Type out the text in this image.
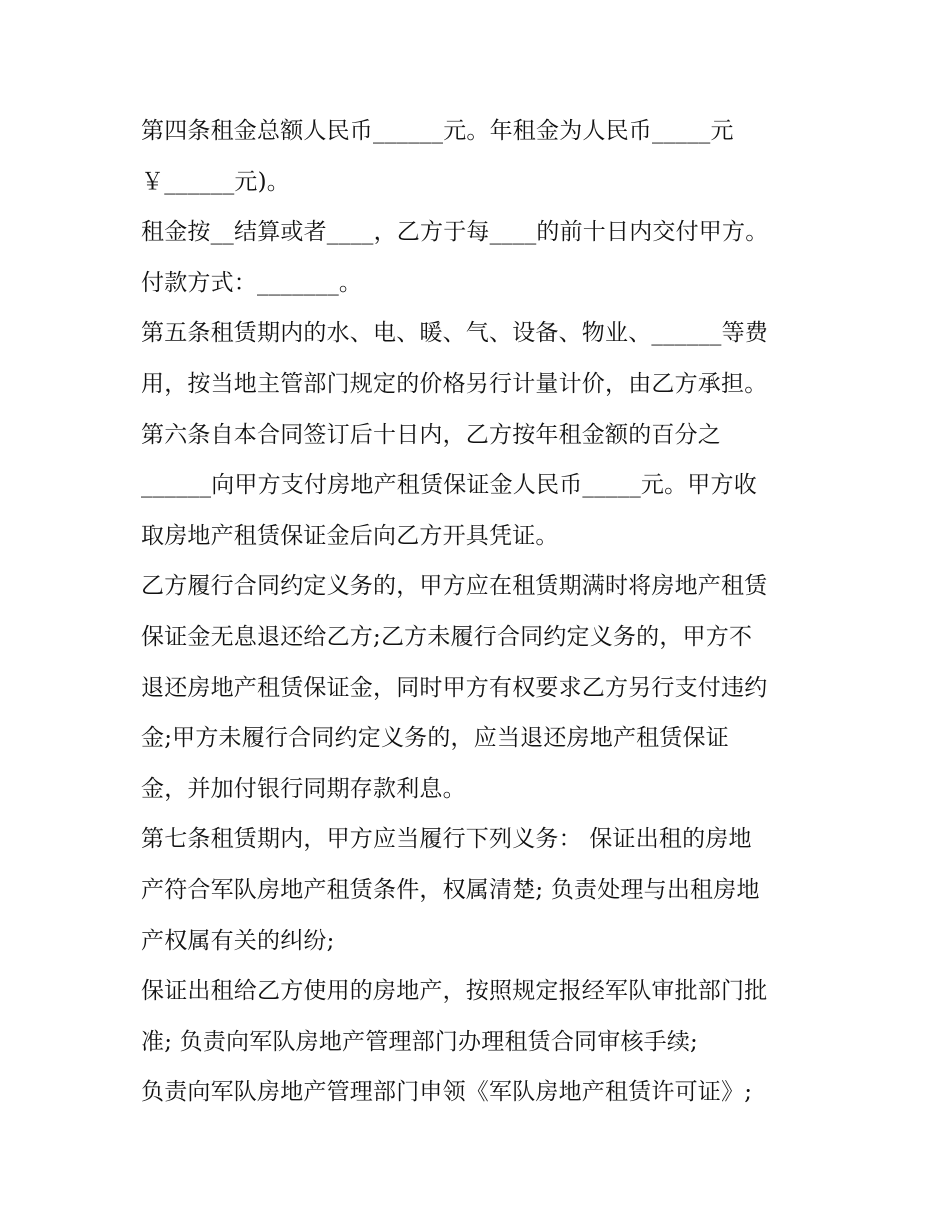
第四条租金总额人民币______元。年租金为人民币_____元
￥______元)。
租金按__结算或者____，乙方于每____的前十日内交付甲方。
付款方式：_______。
第五条租赁期内的水、电、暖、气、设备、物业、______等费
用，按当地主管部门规定的价格另行计量计价，由乙方承担。
第六条自本合同签订后十日内，乙方按年租金额的百分之
______向甲方支付房地产租赁保证金人民币_____元。甲方收
取房地产租赁保证金后向乙方开具凭证。
乙方履行合同约定义务的，甲方应在租赁期满时将房地产租赁
保证金无息退还给乙方;乙方未履行合同约定义务的，甲方不
退还房地产租赁保证金，同时甲方有权要求乙方另行支付违约
金;甲方未履行合同约定义务的，应当退还房地产租赁保证
金，并加付银行同期存款利息。
第七条租赁期内，甲方应当履行下列义务： 保证出租的房地
产符合军队房地产租赁条件，权属清楚; 负责处理与出租房地
产权属有关的纠纷;
保证出租给乙方使用的房地产，按照规定报经军队审批部门批
准; 负责向军队房地产管理部门办理租赁合同审核手续;
负责向军队房地产管理部门申领《军队房地产租赁许可证》;
